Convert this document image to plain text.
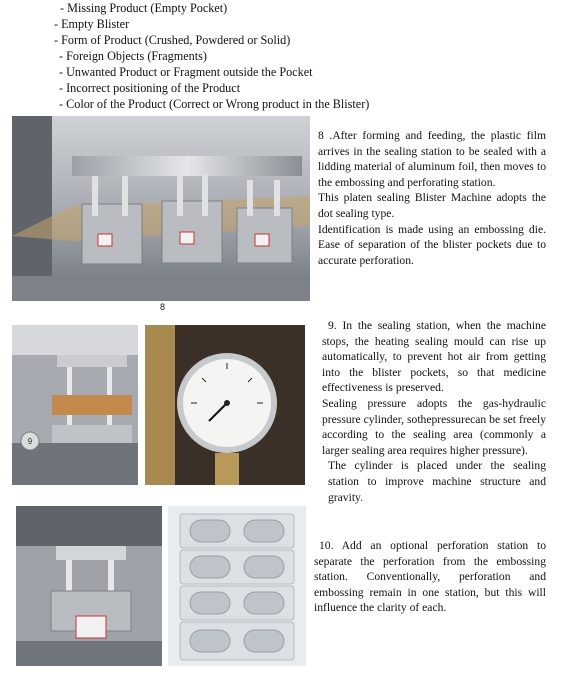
- Missing Product (Empty Pocket)
- Empty Blister
- Form of Product (Crushed, Powdered or Solid)
- Foreign Objects (Fragments)
- Unwanted Product or Fragment outside the Pocket
- Incorrect positioning of the Product
- Color of the Product (Correct or Wrong product in the Blister)
8

8 .After forming and feeding, the plastic film arrives in the sealing station to be sealed with a lidding material of aluminum foil, then moves to the embossing and perforating station.

This platen sealing Blister Machine adopts the dot sealing type.

Identification is made using an embossing die. Ease of separation of the blister pockets due to accurate perforation.

9

9. In the sealing station, when the machine stops, the heating sealing mould can rise up automatically, to prevent hot air from getting into the blister pockets, so that medicine effectiveness is preserved.

Sealing pressure adopts the gas-hydraulic pressure cylinder, sothepressurecan be set freely according to the sealing area (commonly a larger sealing area requires higher pressure).

The cylinder is placed under the sealing station to improve machine structure and gravity.

10. Add an optional perforation station to separate the perforation from the embossing station. Conventionally, perforation and embossing remain in one station, but this will influence the clarity of each.
